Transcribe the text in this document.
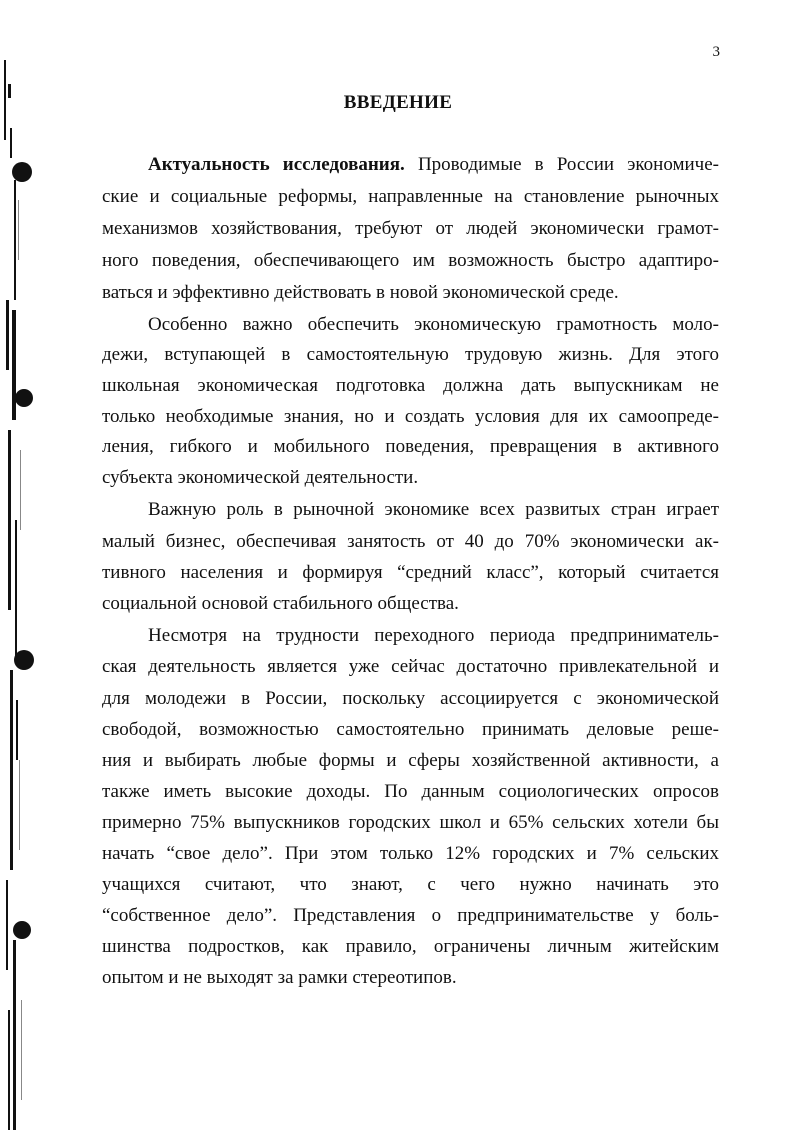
3
ВВЕДЕНИЕ
Актуальность исследования. Проводимые в России экономиче-
ские и социальные реформы, направленные на становление рыночных
механизмов хозяйствования, требуют от людей экономически грамот-
ного поведения, обеспечивающего им возможность быстро адаптиро-
ваться и эффективно действовать в новой экономической среде.
Особенно важно обеспечить экономическую грамотность моло-
дежи, вступающей в самостоятельную трудовую жизнь. Для этого
школьная экономическая подготовка должна дать выпускникам не
только необходимые знания, но и создать условия для их самоопреде-
ления, гибкого и мобильного поведения, превращения в активного
субъекта экономической деятельности.
Важную роль в рыночной экономике всех развитых стран играет
малый бизнес, обеспечивая занятость от 40 до 70% экономически ак-
тивного населения и формируя “средний класс”, который считается
социальной основой стабильного общества.
Несмотря на трудности переходного периода предприниматель-
ская деятельность является уже сейчас достаточно привлекательной и
для молодежи в России, поскольку ассоциируется с экономической
свободой, возможностью самостоятельно принимать деловые реше-
ния и выбирать любые формы и сферы хозяйственной активности, а
также иметь высокие доходы. По данным социологических опросов
примерно 75% выпускников городских школ и 65% сельских хотели бы
начать “свое дело”. При этом только 12% городских и 7% сельских
учащихся считают, что знают, с чего нужно начинать это
“собственное дело”. Представления о предпринимательстве у боль-
шинства подростков, как правило, ограничены личным житейским
опытом и не выходят за рамки стереотипов.
